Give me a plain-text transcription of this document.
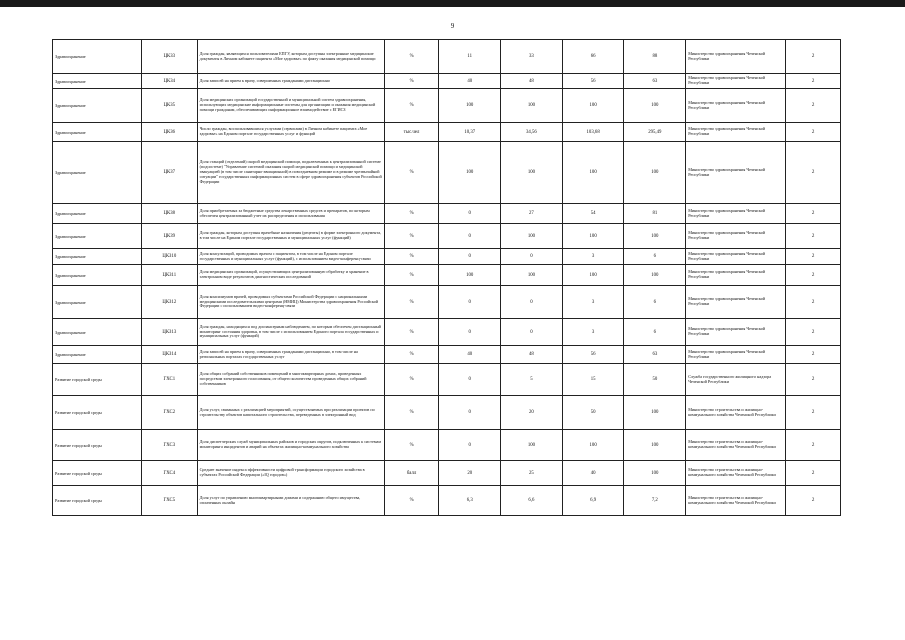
9
Здравоохранение	ЦКЗ3	Доля граждан, являющихся пользователями ЕПГУ, которым доступны электронные медицинские документы в Личном кабинете пациента «Мое здоровье» по факту оказания медицинской помощи	%	11	33	66	88	Министерство здравоохранения Чеченской Республики	2
Здравоохранение	ЦКЗ4	Доля записей на прием к врачу, совершенных гражданами дистанционно	%	40	48	56	63	Министерство здравоохранения Чеченской Республики	2
Здравоохранение	ЦКЗ5	Доля медицинских организаций государственной и муниципальной систем здравоохранения, использующих медицинские информационные системы для организации и оказания медицинской помощи гражданам, обеспечивающих информационное взаимодействие с ЕГИСЗ	%	100	100	100	100	Министерство здравоохранения Чеченской Республики	2
Здравоохранение	ЦКЗ6	Число граждан, воспользовавшихся услугами (сервисами) в Личном кабинете пациента «Мое здоровье» на Едином портале государственных услуг и функций	тыс.чел	10,37	34,56	103,68	295,49	Министерство здравоохранения Чеченской Республики	2
Здравоохранение	ЦКЗ7	Доля станций (отделений) скорой медицинской помощи, подключенных к централизованной системе (подсистеме) "Управление системой оказания скорой медицинской помощи и медицинской эвакуацией (в том числе санитарно-авиационной) в повседневном режиме и в режиме чрезвычайной ситуации" государственных информационных систем в сфере здравоохранения субъектов Российской Федерации	%	100	100	100	100	Министерство здравоохранения Чеченской Республики	2
Здравоохранение	ЦКЗ8	Доля приобретаемых за бюджетные средства лекарственных средств и препаратов, по которым обеспечен централизованный учет их распределения и использования	%	0	27	54	81	Министерство здравоохранения Чеченской Республики	2
Здравоохранение	ЦКЗ9	Доля граждан, которым доступны врачебные назначения (рецепты) в форме электронного документа, в том числе на Едином портале государственных и муниципальных услуг (функций)	%	0	100	100	100	Министерство здравоохранения Чеченской Республики	2
Здравоохранение	ЦКЗ10	Доля консультаций, проводимых врачом с пациентом, в том числе на Едином портале государственных и муниципальных услуг (функций), с использованием видео-конференц-связи	%	0	0	3	6	Министерство здравоохранения Чеченской Республики	2
Здравоохранение	ЦКЗ11	Доля медицинских организаций, осуществляющих централизованную обработку и хранение в электронном виде результатов диагностических исследований	%	100	100	100	100	Министерство здравоохранения Чеченской Республики	2
Здравоохранение	ЦКЗ12	Доля консилиумов врачей, проводимых субъектами Российской Федерации с национальными медицинскими исследовательскими центрами (НМИЦ) Министерства здравоохранения Российской Федерации с использованием видео-конференц-связи	%	0	0	3	6	Министерство здравоохранения Чеченской Республики	2
Здравоохранение	ЦКЗ13	Доля граждан, находящихся под диспансерным наблюдением, по которым обеспечен дистанционный мониторинг состояния здоровья, в том числе с использованием Единого портала государственных и муниципальных услуг (функций)	%	0	0	3	6	Министерство здравоохранения Чеченской Республики	2
Здравоохранение	ЦКЗ14	Доля записей на прием к врачу, совершенных гражданами дистанционно, в том числе на региональных порталах государственных услуг	%	40	48	56	63	Министерство здравоохранения Чеченской Республики	2
Развитие городской среды	ГХС1	Доля общих собраний собственников помещений в многоквартирных домах, проведенных посредством электронного голосования, от общего количества проведенных общих собраний собственников	%	0	5	15	50	Служба государственного жилищного надзора Чеченской Республики	2
Развитие городской среды	ГХС2	Доля услуг, связанных с реализацией мероприятий, осуществляемых при реализации проектов по строительству объектов капитального строительства, переведенных в электронный вид	%	0	20	50	100	Министерство строительства и жилищно-коммунального хозяйства Чеченской Республики	2
Развитие городской среды	ГХС3	Доля диспетчерских служб муниципальных районов и городских округов, подключенных к системам мониторинга инцидентов и аварий на объектах жилищно-коммунального хозяйства	%	0	100	100	100	Министерство строительства и жилищно-коммунального хозяйства Чеченской Республики	2
Развитие городской среды	ГХС4	Среднее значение индекса эффективности цифровой трансформации городского хозяйства в субъектах Российской Федерации («IQ городов»)	балл	20	25	40	100	Министерство строительства и жилищно-коммунального хозяйства Чеченской Республики	2
Развитие городской среды	ГХС5	Доля услуг по управлению многоквартирными домами и содержанию общего имущества, оплаченных онлайн	%	6,3	6,6	6,9	7,2	Министерство строительства и жилищно-коммунального хозяйства Чеченской Республики	2
